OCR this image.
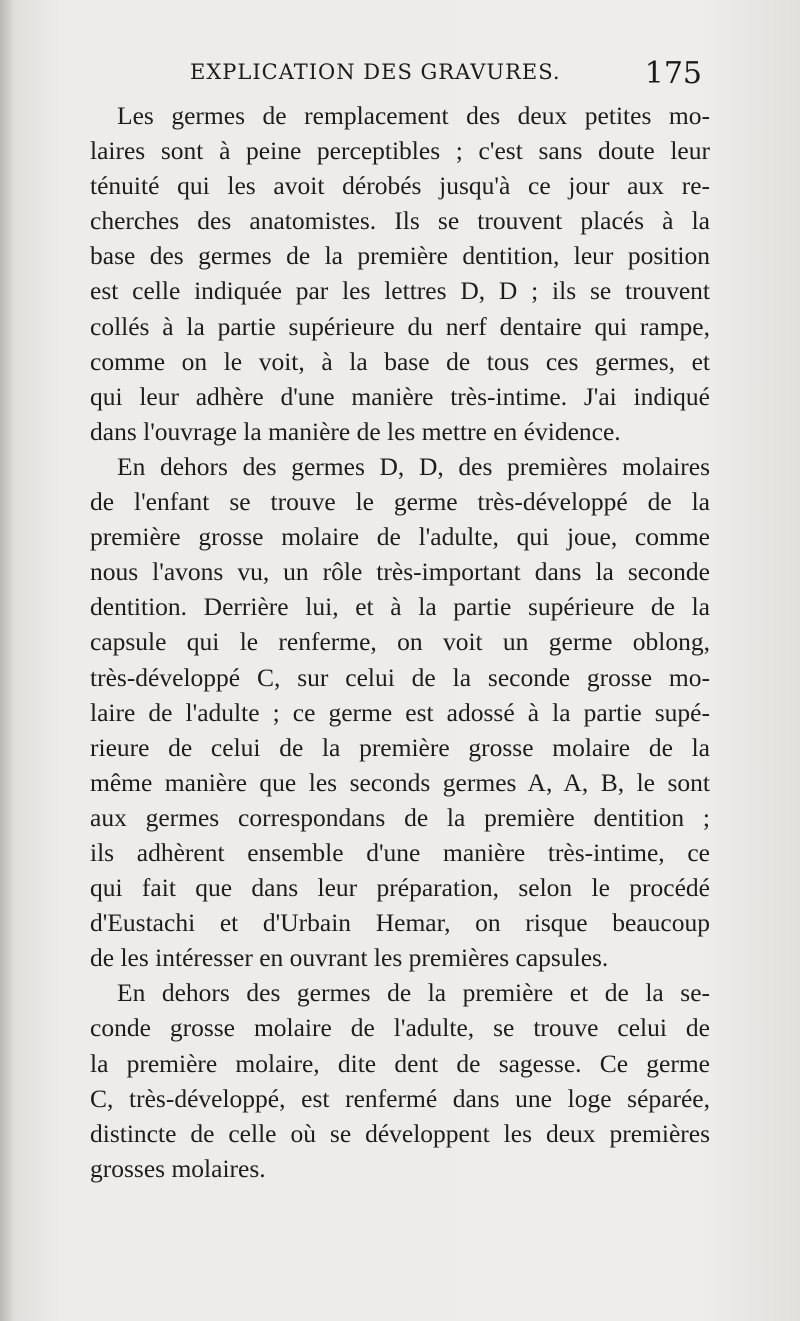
EXPLICATION DES GRAVURES.	175
Les germes de remplacement des deux petites mo-
laires sont à peine perceptibles ; c'est sans doute leur
ténuité qui les avoit dérobés jusqu'à ce jour aux re-
cherches des anatomistes. Ils se trouvent placés à la
base des germes de la première dentition, leur position
est celle indiquée par les lettres D, D ; ils se trouvent
collés à la partie supérieure du nerf dentaire qui rampe,
comme on le voit, à la base de tous ces germes, et
qui leur adhère d'une manière très-intime. J'ai indiqué
dans l'ouvrage la manière de les mettre en évidence.
En dehors des germes D, D, des premières molaires
de l'enfant se trouve le germe très-développé de la
première grosse molaire de l'adulte, qui joue, comme
nous l'avons vu, un rôle très-important dans la seconde
dentition. Derrière lui, et à la partie supérieure de la
capsule qui le renferme, on voit un germe oblong,
très-développé C, sur celui de la seconde grosse mo-
laire de l'adulte ; ce germe est adossé à la partie supé-
rieure de celui de la première grosse molaire de la
même manière que les seconds germes A, A, B, le sont
aux germes correspondans de la première dentition ;
ils adhèrent ensemble d'une manière très-intime, ce
qui fait que dans leur préparation, selon le procédé
d'Eustachi et d'Urbain Hemar, on risque beaucoup
de les intéresser en ouvrant les premières capsules.
En dehors des germes de la première et de la se-
conde grosse molaire de l'adulte, se trouve celui de
la première molaire, dite dent de sagesse. Ce germe
C, très-développé, est renfermé dans une loge séparée,
distincte de celle où se développent les deux premières
grosses molaires.
